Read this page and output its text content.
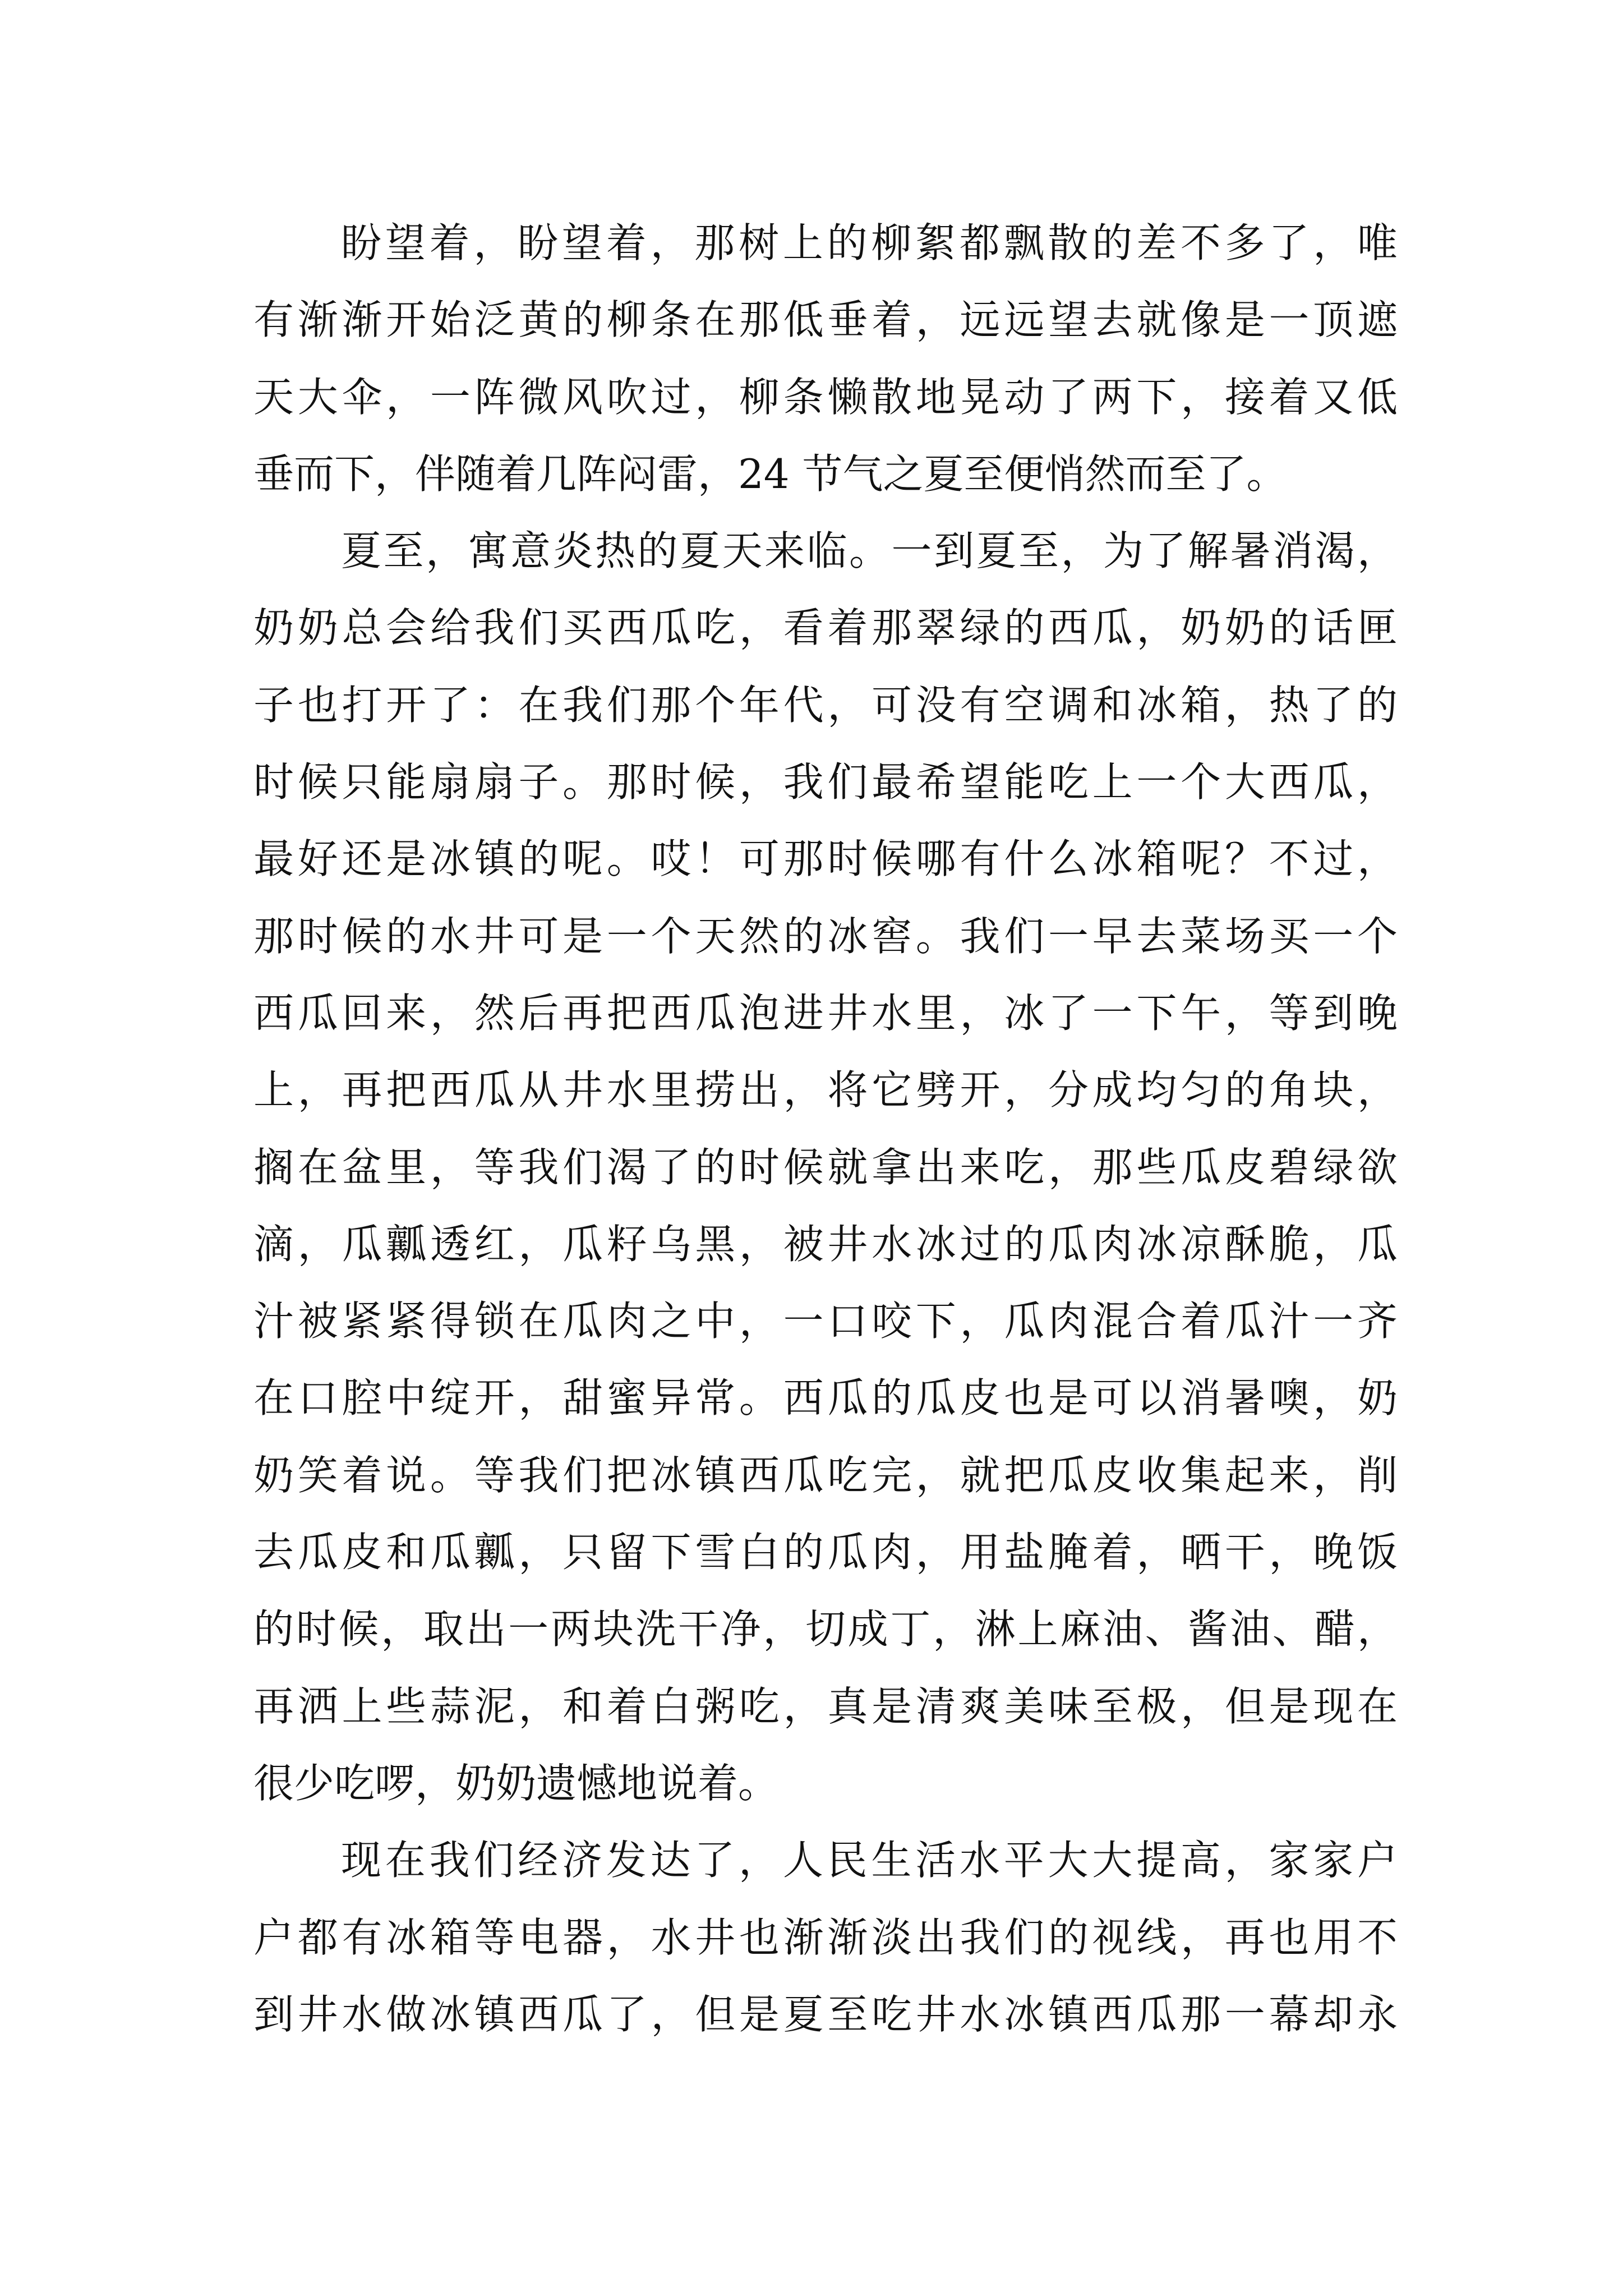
盼望着，盼望着，那树上的柳絮都飘散的差不多了，唯
有渐渐开始泛黄的柳条在那低垂着，远远望去就像是一顶遮
天大伞，一阵微风吹过，柳条懒散地晃动了两下，接着又低
垂而下，伴随着几阵闷雷，24 节气之夏至便悄然而至了。
夏至，寓意炎热的夏天来临。一到夏至，为了解暑消渴，
奶奶总会给我们买西瓜吃，看着那翠绿的西瓜，奶奶的话匣
子也打开了：在我们那个年代，可没有空调和冰箱，热了的
时候只能扇扇子。那时候，我们最希望能吃上一个大西瓜，
最好还是冰镇的呢。哎！可那时候哪有什么冰箱呢？不过，
那时候的水井可是一个天然的冰窖。我们一早去菜场买一个
西瓜回来，然后再把西瓜泡进井水里，冰了一下午，等到晚
上，再把西瓜从井水里捞出，将它劈开，分成均匀的角块，
搁在盆里，等我们渴了的时候就拿出来吃，那些瓜皮碧绿欲
滴，瓜瓤透红，瓜籽乌黑，被井水冰过的瓜肉冰凉酥脆，瓜
汁被紧紧得锁在瓜肉之中，一口咬下，瓜肉混合着瓜汁一齐
在口腔中绽开，甜蜜异常。西瓜的瓜皮也是可以消暑噢，奶
奶笑着说。等我们把冰镇西瓜吃完，就把瓜皮收集起来，削
去瓜皮和瓜瓤，只留下雪白的瓜肉，用盐腌着，晒干，晚饭
的时候，取出一两块洗干净，切成丁，淋上麻油、酱油、醋，
再洒上些蒜泥，和着白粥吃，真是清爽美味至极，但是现在
很少吃啰，奶奶遗憾地说着。
现在我们经济发达了，人民生活水平大大提高，家家户
户都有冰箱等电器，水井也渐渐淡出我们的视线，再也用不
到井水做冰镇西瓜了，但是夏至吃井水冰镇西瓜那一幕却永
